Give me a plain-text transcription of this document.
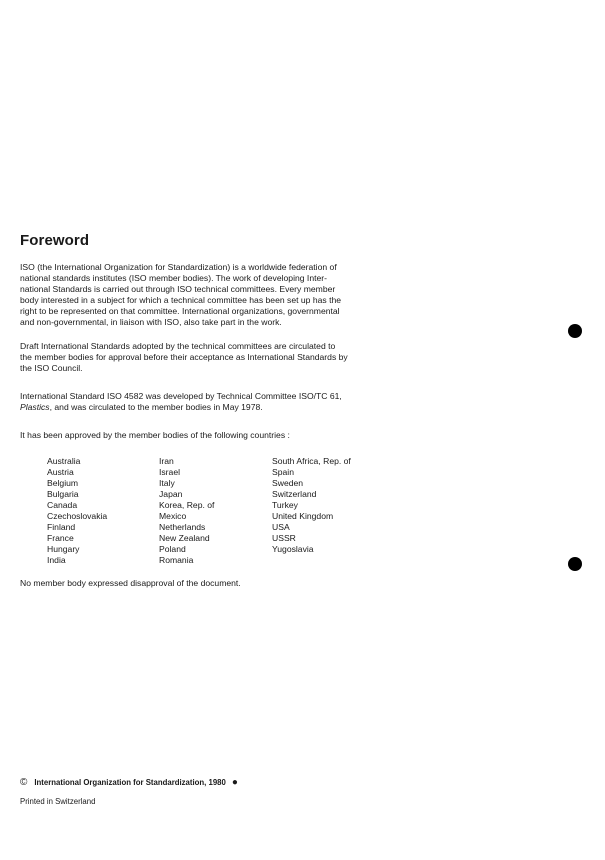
Foreword

ISO (the International Organization for Standardization) is a worldwide federation of
national standards institutes (ISO member bodies). The work of developing Inter-
national Standards is carried out through ISO technical committees. Every member
body interested in a subject for which a technical committee has been set up has the
right to be represented on that committee. International organizations, governmental
and non-governmental, in liaison with ISO, also take part in the work.

Draft International Standards adopted by the technical committees are circulated to
the member bodies for approval before their acceptance as International Standards by
the ISO Council.

International Standard ISO 4582 was developed by Technical Committee ISO/TC 61,
Plastics, and was circulated to the member bodies in May 1978.

It has been approved by the member bodies of the following countries :

Australia
Austria
Belgium
Bulgaria
Canada
Czechoslovakia
Finland
France
Hungary
India
Iran
Israel
Italy
Japan
Korea, Rep. of
Mexico
Netherlands
New Zealand
Poland
Romania
South Africa, Rep. of
Spain
Sweden
Switzerland
Turkey
United Kingdom
USA
USSR
Yugoslavia

No member body expressed disapproval of the document.

© International Organization for Standardization, 1980 ●
Printed in Switzerland
